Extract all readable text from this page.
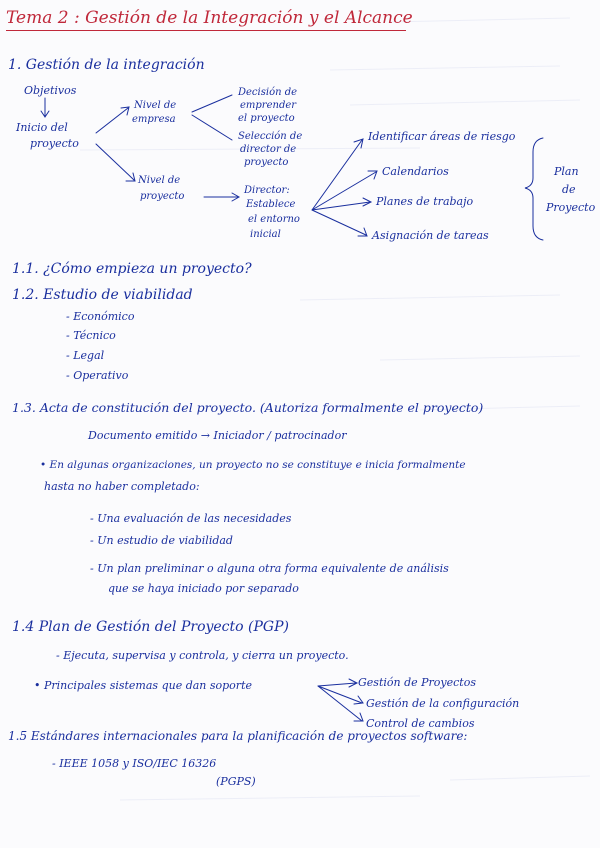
Tema 2 : Gestión de la Integración y el Alcance
1. Gestión de la integración
Objetivos
Inicio del
proyecto
Nivel de
empresa
Decisión de
emprender
el proyecto
Selección de
director de
proyecto
Nivel de
proyecto
Director:
Establece
el entorno
inicial
Identificar áreas de riesgo
Calendarios
Planes de trabajo
Asignación de tareas
Plan
de
Proyecto
1.1. ¿Cómo empieza un proyecto?
1.2. Estudio de viabilidad
- Económico
- Técnico
- Legal
- Operativo
1.3. Acta de constitución del proyecto. (Autoriza formalmente el proyecto)
Documento emitido → Iniciador / patrocinador
• En algunas organizaciones, un proyecto no se constituye e inicia formalmente
hasta no haber completado:
- Una evaluación de las necesidades
- Un estudio de viabilidad
- Un plan preliminar o alguna otra forma equivalente de análisis
que se haya iniciado por separado
1.4 Plan de Gestión del Proyecto (PGP)
- Ejecuta, supervisa y controla, y cierra un proyecto.
• Principales sistemas que dan soporte	Gestión de Proyectos
Gestión de la configuración
Control de cambios
1.5 Estándares internacionales para la planificación de proyectos software:
- IEEE 1058 y ISO/IEC 16326
(PGPS)
